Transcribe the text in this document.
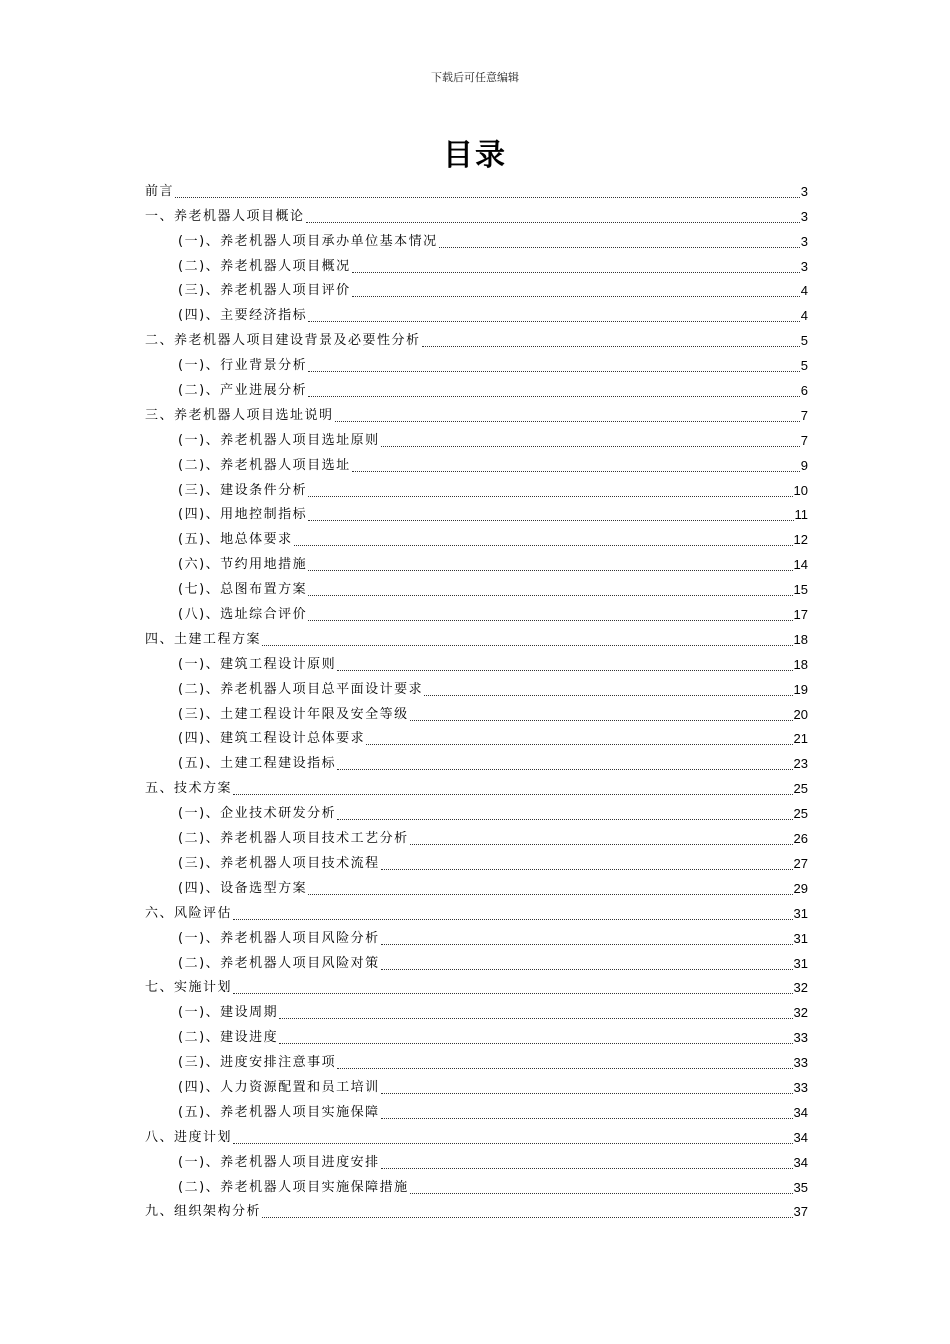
下载后可任意编辑
目录
前言	3
一、养老机器人项目概论	3
(一)、养老机器人项目承办单位基本情况	3
(二)、养老机器人项目概况	3
(三)、养老机器人项目评价	4
(四)、主要经济指标	4
二、养老机器人项目建设背景及必要性分析	5
(一)、行业背景分析	5
(二)、产业进展分析	6
三、养老机器人项目选址说明	7
(一)、养老机器人项目选址原则	7
(二)、养老机器人项目选址	9
(三)、建设条件分析	10
(四)、用地控制指标	11
(五)、地总体要求	12
(六)、节约用地措施	14
(七)、总图布置方案	15
(八)、选址综合评价	17
四、土建工程方案	18
(一)、建筑工程设计原则	18
(二)、养老机器人项目总平面设计要求	19
(三)、土建工程设计年限及安全等级	20
(四)、建筑工程设计总体要求	21
(五)、土建工程建设指标	23
五、技术方案	25
(一)、企业技术研发分析	25
(二)、养老机器人项目技术工艺分析	26
(三)、养老机器人项目技术流程	27
(四)、设备选型方案	29
六、风险评估	31
(一)、养老机器人项目风险分析	31
(二)、养老机器人项目风险对策	31
七、实施计划	32
(一)、建设周期	32
(二)、建设进度	33
(三)、进度安排注意事项	33
(四)、人力资源配置和员工培训	33
(五)、养老机器人项目实施保障	34
八、进度计划	34
(一)、养老机器人项目进度安排	34
(二)、养老机器人项目实施保障措施	35
九、组织架构分析	37
